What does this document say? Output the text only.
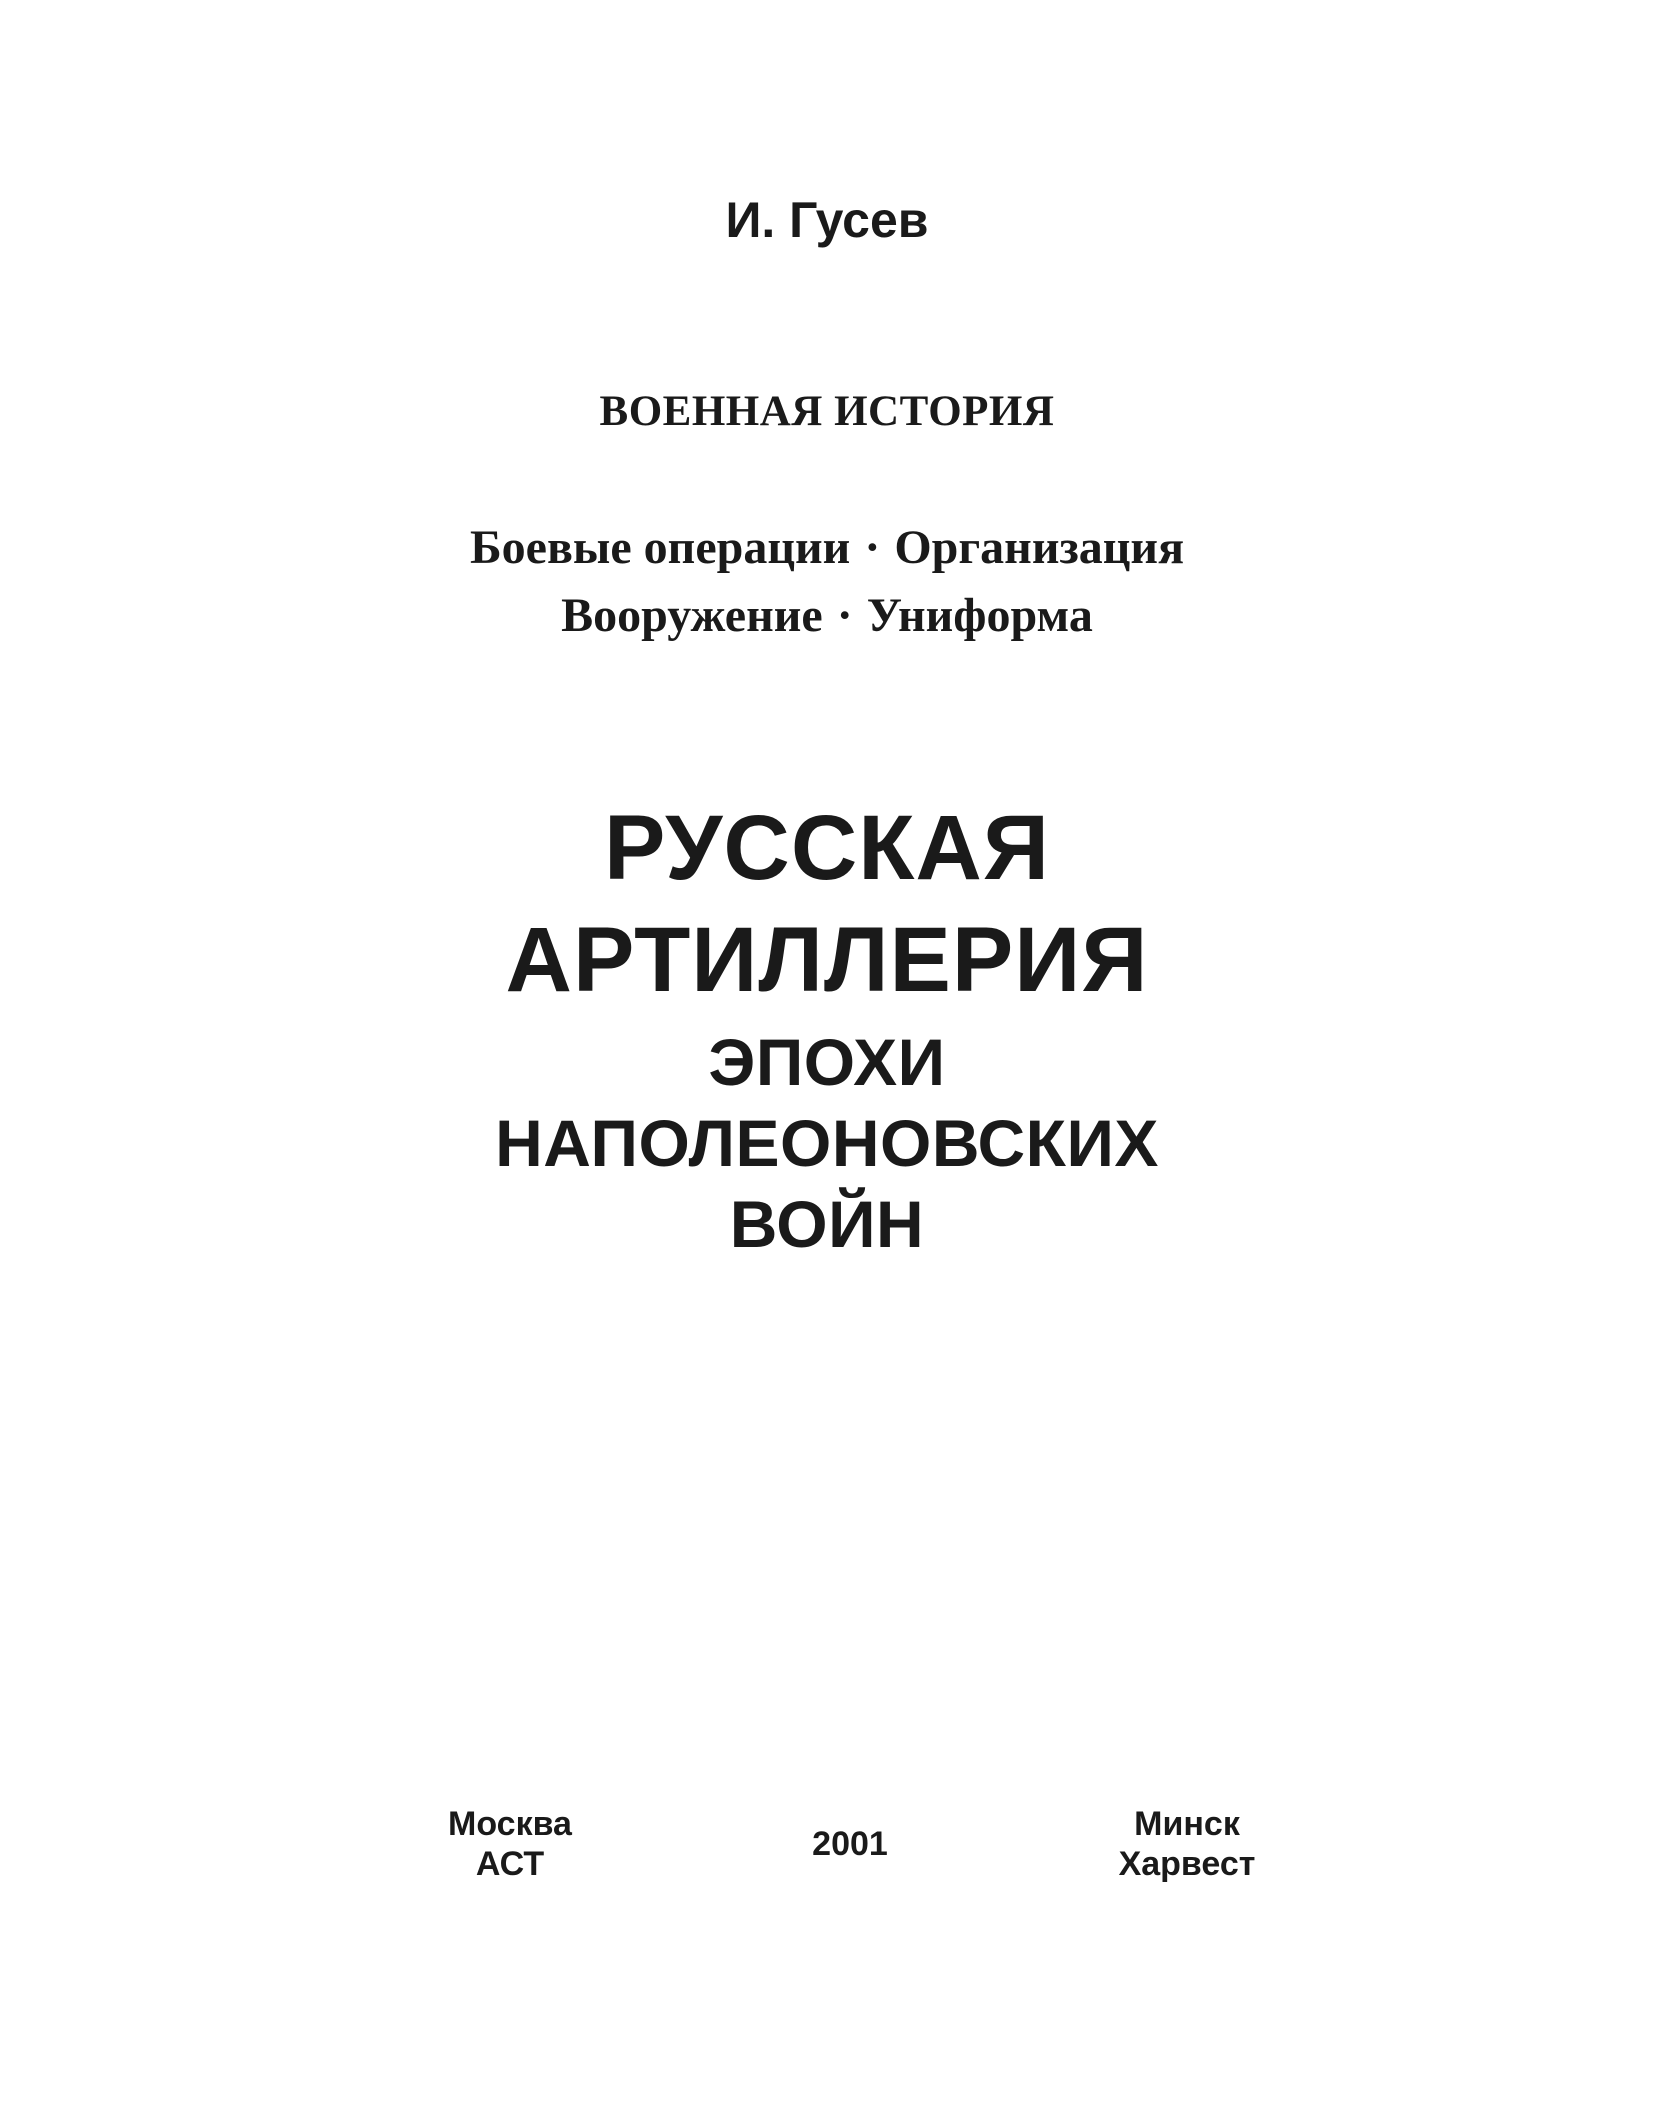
И. Гусев
ВОЕННАЯ ИСТОРИЯ
Боевые операции · Организация
Вооружение · Униформа
РУССКАЯ
АРТИЛЛЕРИЯ
ЭПОХИ
НАПОЛЕОНОВСКИХ
ВОЙН
Москва
АСТ
2001
Минск
Харвест
